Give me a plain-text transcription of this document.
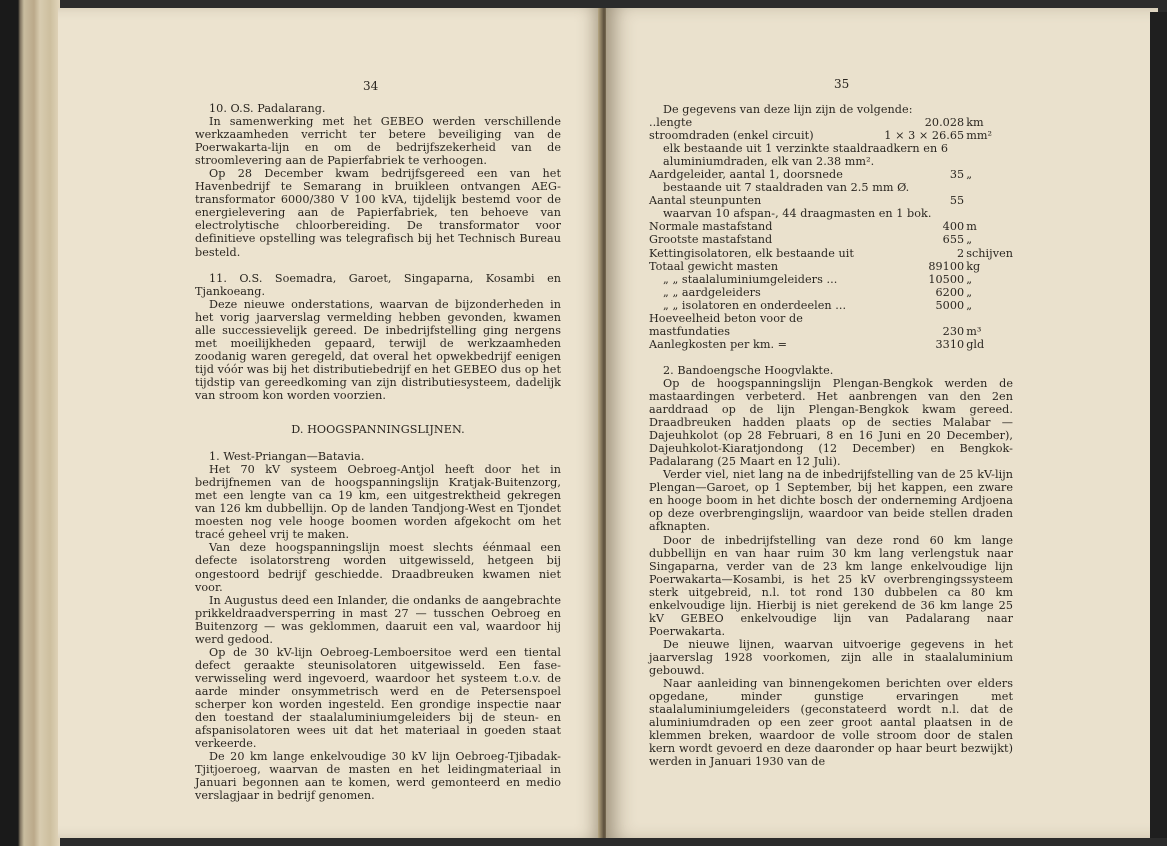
34

10. O.S. Padalarang.

In samenwerking met het GEBEO werden verschillende werkzaamheden verricht ter betere beveiliging van de Poerwakarta-lijn en om de bedrijfszekerheid van de stroomlevering aan de Papierfabriek te verhoogen.

Op 28 December kwam bedrijfsgereed een van het Havenbedrijf te Semarang in bruikleen ontvangen AEG-transformator 6000/380 V 100 kVA, tijdelijk bestemd voor de energielevering aan de Papierfabriek, ten behoeve van electrolytische chloorbereiding. De transformator voor definitieve opstelling was telegrafisch bij het Technisch Bureau besteld.

11. O.S. Soemadra, Garoet, Singaparna, Kosambi en Tjankoeang.

Deze nieuwe onderstations, waarvan de bijzonderheden in het vorig jaarverslag vermelding hebben gevonden, kwamen alle successievelijk gereed. De inbedrijfstelling ging nergens met moeilijkheden gepaard, terwijl de werkzaamheden zoodanig waren geregeld, dat overal het opwekbedrijf eenigen tijd vóór was bij het distributiebedrijf en het GEBEO dus op het tijdstip van gereedkoming van zijn distributiesysteem, dadelijk van stroom kon worden voorzien.

D. HOOGSPANNINGSLIJNEN.

1. West-Priangan—Batavia.

Het 70 kV systeem Oebroeg-Antjol heeft door het in bedrijfnemen van de hoogspanningslijn Kratjak-Buitenzorg, met een lengte van ca 19 km, een uitgestrektheid gekregen van 126 km dubbellijn. Op de landen Tandjong-West en Tjondet moesten nog vele hooge boomen worden afgekocht om het tracé geheel vrij te maken.

Van deze hoogspanningslijn moest slechts éénmaal een defecte isolatorstreng worden uitgewisseld, hetgeen bij ongestoord bedrijf geschiedde. Draadbreuken kwamen niet voor.

In Augustus deed een Inlander, die ondanks de aangebrachte prikkeldraadversperring in mast 27 — tusschen Oebroeg en Buitenzorg — was geklommen, daaruit een val, waardoor hij werd gedood.

Op de 30 kV-lijn Oebroeg-Lemboersitoe werd een tiental defect geraakte steunisolatoren uitgewisseld. Een fase-verwisseling werd ingevoerd, waardoor het systeem t.o.v. de aarde minder onsymmetrisch werd en de Petersenspoel scherper kon worden ingesteld. Een grondige inspectie naar den toestand der staalaluminiumgeleiders bij de steun- en afspanisolatoren wees uit dat het materiaal in goeden staat verkeerde.

De 20 km lange enkelvoudige 30 kV lijn Oebroeg-Tjibadak-Tjitjoeroeg, waarvan de masten en het leidingmateriaal in Januari begonnen aan te komen, werd gemonteerd en medio verslagjaar in bedrijf genomen.

35

De gegevens van deze lijn zijn de volgende:

..lengte	20.028	km
stroomdraden (enkel circuit)	1 × 3 × 26.65	mm²
elk bestaande uit 1 verzinkte staaldraadkern en 6 aluminiumdraden, elk van 2.38 mm².		
Aardgeleider, aantal 1, doorsnede	35	„
bestaande uit 7 staaldraden van 2.5 mm Ø.		
Aantal steunpunten	55	
waarvan 10 afspan-, 44 draagmasten en 1 bok.		
Normale mastafstand	400	m
Grootste mastafstand	655	„
Kettingisolatoren, elk bestaande uit	2	schijven
Totaal gewicht masten	89100	kg
„ „ staalaluminiumgeleiders ...	10500	„
„ „ aardgeleiders	6200	„
„ „ isolatoren en onderdeelen ...	5000	„
Hoeveelheid beton voor de mastfundaties	230	m³
Aanlegkosten per km. =	3310	gld

2. Bandoengsche Hoogvlakte.

Op de hoogspanningslijn Plengan-Bengkok werden de mastaardingen verbeterd. Het aanbrengen van den 2en aarddraad op de lijn Plengan-Bengkok kwam gereed. Draadbreuken hadden plaats op de secties Malabar — Dajeuhkolot (op 28 Februari, 8 en 16 Juni en 20 December), Dajeuhkolot-Kiaratjondong (12 December) en Bengkok-Padalarang (25 Maart en 12 Juli).

Verder viel, niet lang na de inbedrijfstelling van de 25 kV-lijn Plengan—Garoet, op 1 September, bij het kappen, een zware en hooge boom in het dichte bosch der onderneming Ardjoena op deze overbrengingslijn, waardoor van beide stellen draden afknapten.

Door de inbedrijfstelling van deze rond 60 km lange dubbellijn en van haar ruim 30 km lang verlengstuk naar Singaparna, verder van de 23 km lange enkelvoudige lijn Poerwakarta—Kosambi, is het 25 kV overbrengingssysteem sterk uitgebreid, n.l. tot rond 130 dubbelen ca 80 km enkelvoudige lijn. Hierbij is niet gerekend de 36 km lange 25 kV GEBEO enkelvoudige lijn van Padalarang naar Poerwakarta.

De nieuwe lijnen, waarvan uitvoerige gegevens in het jaarverslag 1928 voorkomen, zijn alle in staalaluminium gebouwd.

Naar aanleiding van binnengekomen berichten over elders opgedane, minder gunstige ervaringen met staalaluminiumgeleiders (geconstateerd wordt n.l. dat de aluminiumdraden op een zeer groot aantal plaatsen in de klemmen breken, waardoor de volle stroom door de stalen kern wordt gevoerd en deze daaronder op haar beurt bezwijkt) werden in Januari 1930 van de
